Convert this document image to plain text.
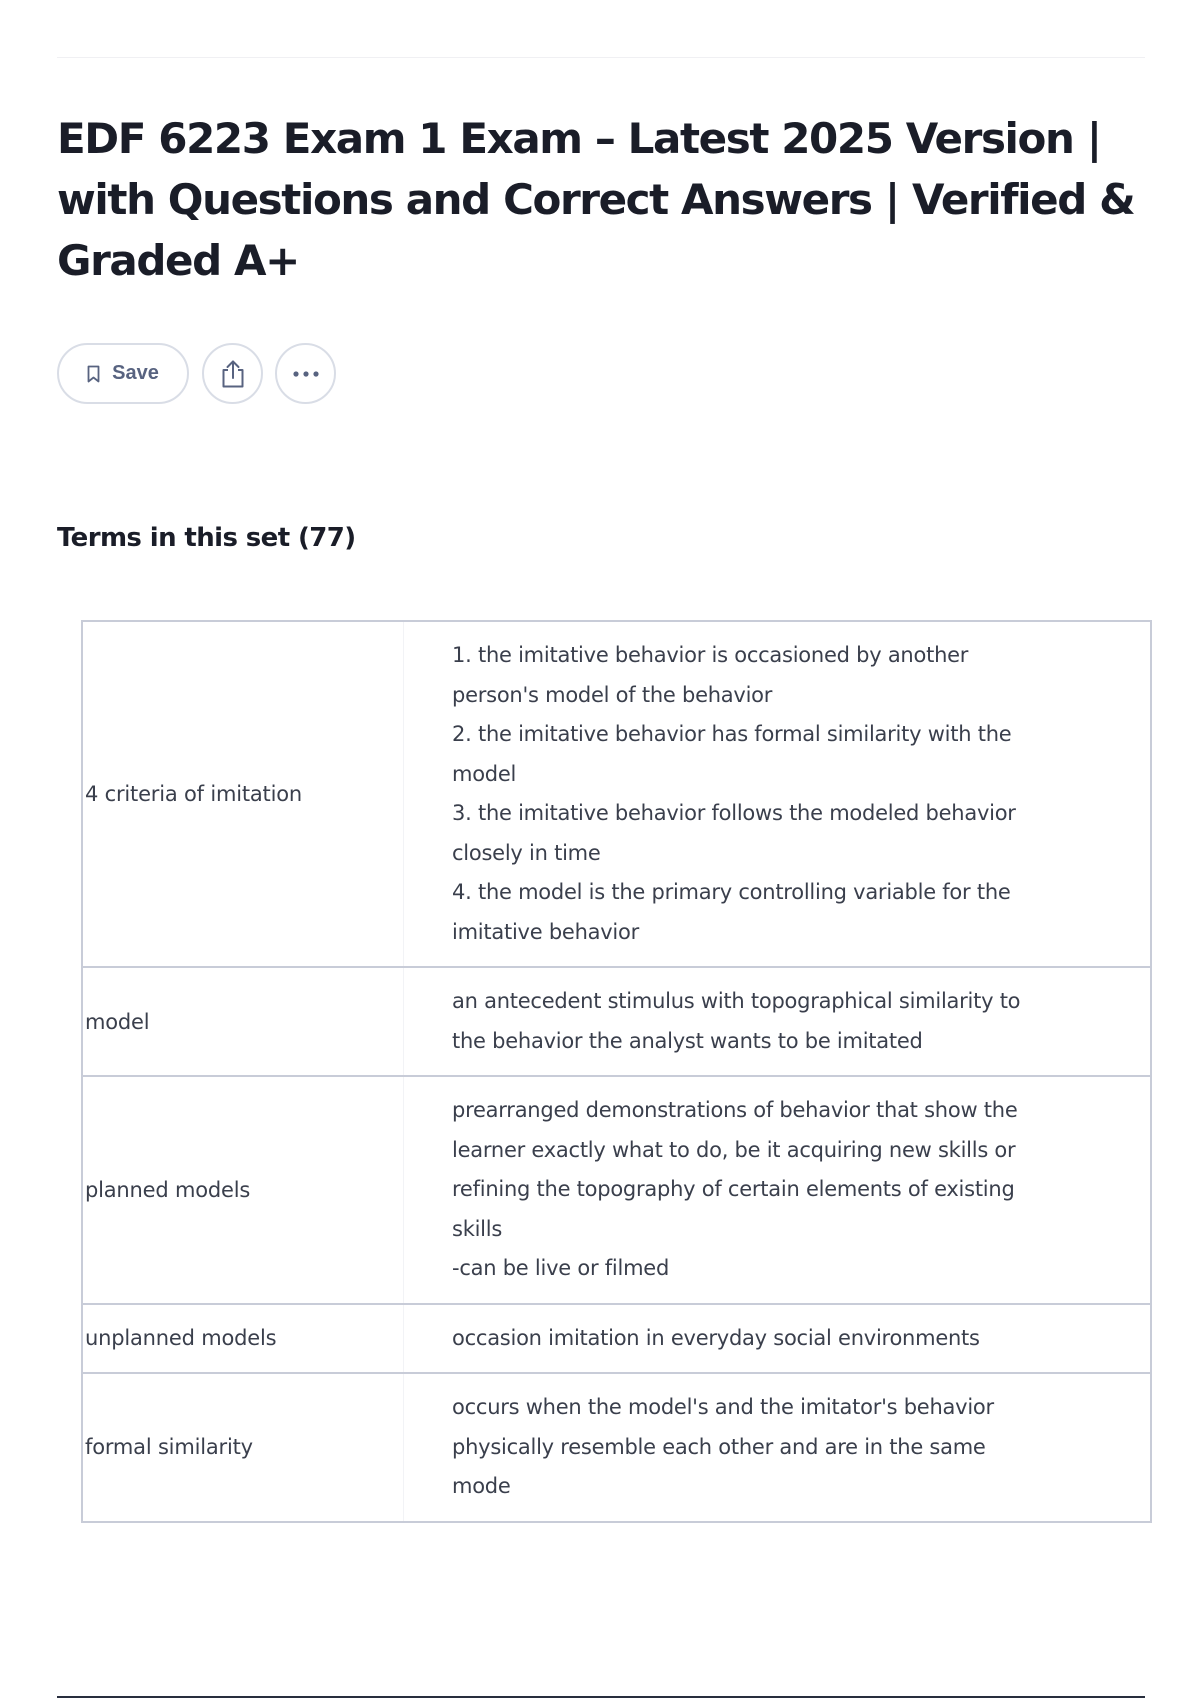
EDF 6223 Exam 1 Exam – Latest 2025 Version | with Questions and Correct Answers | Verified & Graded A+
Save
Terms in this set (77)
4 criteria of imitation	1. the imitative behavior is occasioned by another person's model of the behavior
2. the imitative behavior has formal similarity with the model
3. the imitative behavior follows the modeled behavior closely in time
4. the model is the primary controlling variable for the imitative behavior

model	an antecedent stimulus with topographical similarity to the behavior the analyst wants to be imitated

planned models	prearranged demonstrations of behavior that show the learner exactly what to do, be it acquiring new skills or refining the topography of certain elements of existing skills
-can be live or filmed

unplanned models	occasion imitation in everyday social environments

formal similarity	occurs when the model's and the imitator's behavior physically resemble each other and are in the same mode
